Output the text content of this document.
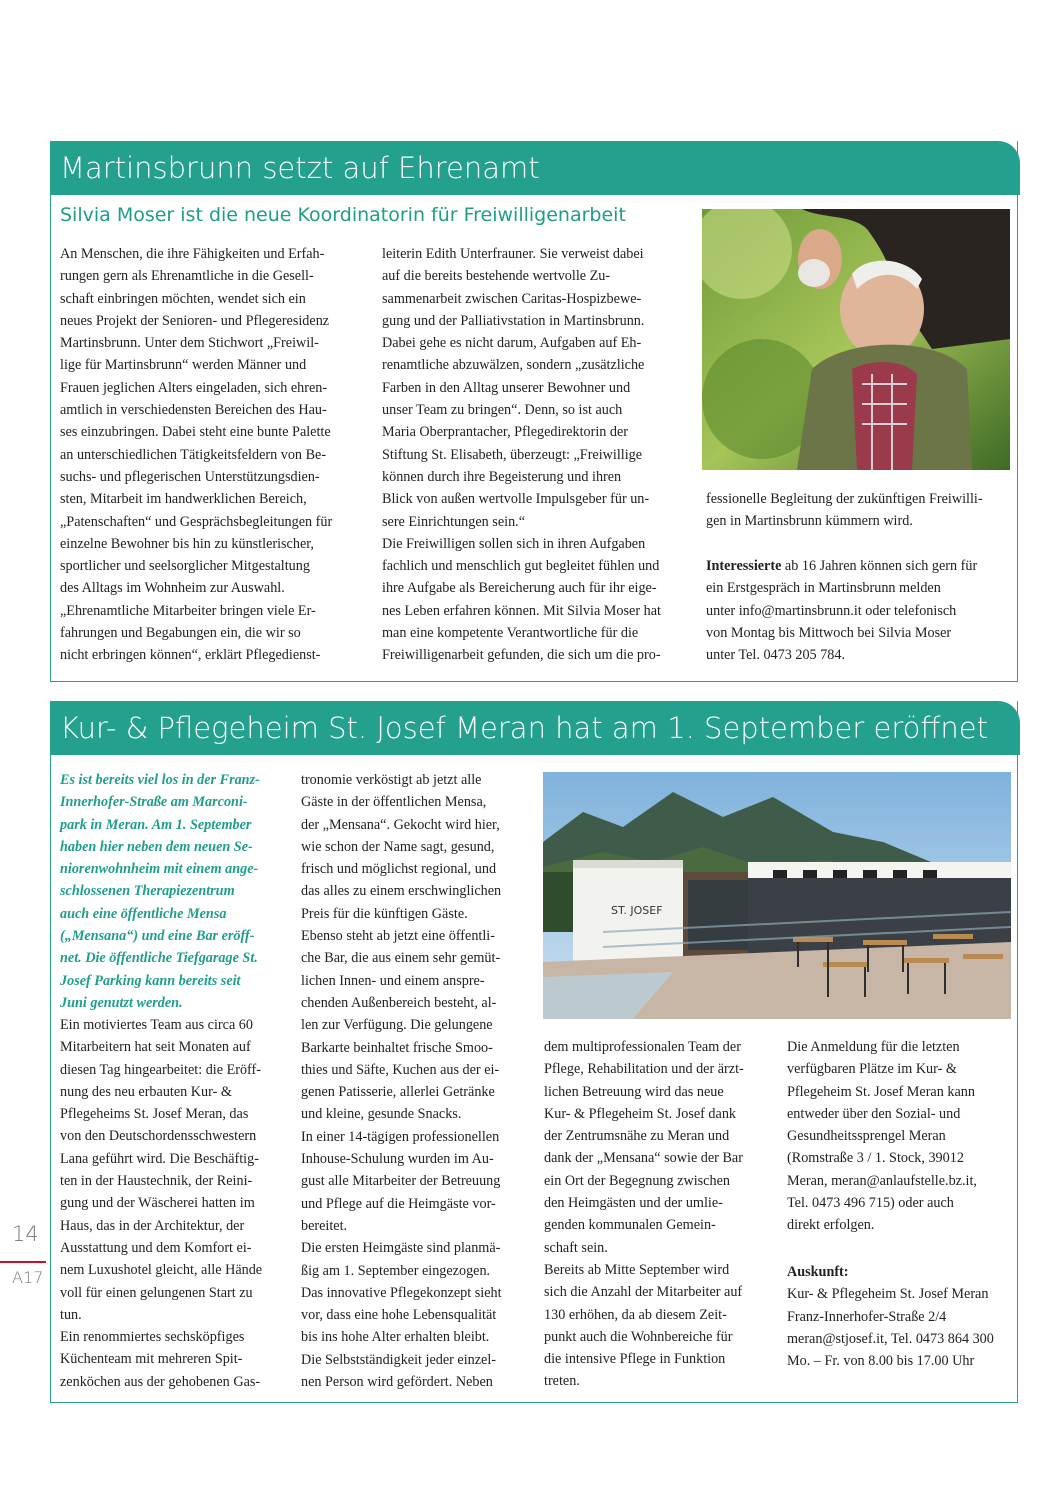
Martinsbrunn setzt auf Ehrenamt
Silvia Moser ist die neue Koordinatorin für Freiwilligenarbeit

An Menschen, die ihre Fähigkeiten und Erfah-

rungen gern als Ehrenamtliche in die Gesell-

schaft einbringen möchten, wendet sich ein

neues Projekt der Senioren- und Pflegeresidenz

Martinsbrunn. Unter dem Stichwort „Freiwil-

lige für Martinsbrunn“ werden Männer und

Frauen jeglichen Alters eingeladen, sich ehren-

amtlich in verschiedensten Bereichen des Hau-

ses einzubringen. Dabei steht eine bunte Palette

an unterschiedlichen Tätigkeitsfeldern von Be-

suchs- und pflegerischen Unterstützungsdien-

sten, Mitarbeit im handwerklichen Bereich,

„Patenschaften“ und Gesprächsbegleitungen für

einzelne Bewohner bis hin zu künstlerischer,

sportlicher und seelsorglicher Mitgestaltung

des Alltags im Wohnheim zur Auswahl.

„Ehrenamtliche Mitarbeiter bringen viele Er-

fahrungen und Begabungen ein, die wir so

nicht erbringen können“, erklärt Pflegedienst-

leiterin Edith Unterfrauner. Sie verweist dabei

auf die bereits bestehende wertvolle Zu-

sammenarbeit zwischen Caritas-Hospizbewe-

gung und der Palliativstation in Martinsbrunn.

Dabei gehe es nicht darum, Aufgaben auf Eh-

renamtliche abzuwälzen, sondern „zusätzliche

Farben in den Alltag unserer Bewohner und

unser Team zu bringen“. Denn, so ist auch

Maria Oberprantacher, Pflegedirektorin der

Stiftung St. Elisabeth, überzeugt: „Freiwillige

können durch ihre Begeisterung und ihren

Blick von außen wertvolle Impulsgeber für un-

sere Einrichtungen sein.“

Die Freiwilligen sollen sich in ihren Aufgaben

fachlich und menschlich gut begleitet fühlen und

ihre Aufgabe als Bereicherung auch für ihr eige-

nes Leben erfahren können. Mit Silvia Moser hat

man eine kompetente Verantwortliche für die

Freiwilligenarbeit gefunden, die sich um die pro-

fessionelle Begleitung der zukünftigen Freiwilli-

gen in Martinsbrunn kümmern wird.

Interessierte ab 16 Jahren können sich gern für

ein Erstgespräch in Martinsbrunn melden

unter info@martinsbrunn.it oder telefonisch

von Montag bis Mittwoch bei Silvia Moser

unter Tel. 0473 205 784.

Kur- & Pflegeheim St. Josef Meran hat am 1. September eröffnet

Es ist bereits viel los in der Franz-

Innerhofer-Straße am Marconi-

park in Meran. Am 1. September

haben hier neben dem neuen Se-

niorenwohnheim mit einem ange-

schlossenen Therapiezentrum

auch eine öffentliche Mensa

(„Mensana“) und eine Bar eröff-

net. Die öffentliche Tiefgarage St.

Josef Parking kann bereits seit

Juni genutzt werden.

Ein motiviertes Team aus circa 60

Mitarbeitern hat seit Monaten auf

diesen Tag hingearbeitet: die Eröff-

nung des neu erbauten Kur- &

Pflegeheims St. Josef Meran, das

von den Deutschordensschwestern

Lana geführt wird. Die Beschäftig-

ten in der Haustechnik, der Reini-

gung und der Wäscherei hatten im

Haus, das in der Architektur, der

Ausstattung und dem Komfort ei-

nem Luxushotel gleicht, alle Hände

voll für einen gelungenen Start zu

tun.

Ein renommiertes sechsköpfiges

Küchenteam mit mehreren Spit-

zenköchen aus der gehobenen Gas-

tronomie verköstigt ab jetzt alle

Gäste in der öffentlichen Mensa,

der „Mensana“. Gekocht wird hier,

wie schon der Name sagt, gesund,

frisch und möglichst regional, und

das alles zu einem erschwinglichen

Preis für die künftigen Gäste.

Ebenso steht ab jetzt eine öffentli-

che Bar, die aus einem sehr gemüt-

lichen Innen- und einem anspre-

chenden Außenbereich besteht, al-

len zur Verfügung. Die gelungene

Barkarte beinhaltet frische Smoo-

thies und Säfte, Kuchen aus der ei-

genen Patisserie, allerlei Getränke

und kleine, gesunde Snacks.

In einer 14-tägigen professionellen

Inhouse-Schulung wurden im Au-

gust alle Mitarbeiter der Betreuung

und Pflege auf die Heimgäste vor-

bereitet.

Die ersten Heimgäste sind planmä-

ßig am 1. September eingezogen.

Das innovative Pflegekonzept sieht

vor, dass eine hohe Lebensqualität

bis ins hohe Alter erhalten bleibt.

Die Selbstständigkeit jeder einzel-

nen Person wird gefördert. Neben

ST. JOSEF

dem multiprofessionalen Team der

Pflege, Rehabilitation und der ärzt-

lichen Betreuung wird das neue

Kur- & Pflegeheim St. Josef dank

der Zentrumsnähe zu Meran und

dank der „Mensana“ sowie der Bar

ein Ort der Begegnung zwischen

den Heimgästen und der umlie-

genden kommunalen Gemein-

schaft sein.

Bereits ab Mitte September wird

sich die Anzahl der Mitarbeiter auf

130 erhöhen, da ab diesem Zeit-

punkt auch die Wohnbereiche für

die intensive Pflege in Funktion

treten.

Die Anmeldung für die letzten

verfügbaren Plätze im Kur- &

Pflegeheim St. Josef Meran kann

entweder über den Sozial- und

Gesundheitssprengel Meran

(Romstraße 3 / 1. Stock, 39012

Meran, meran@anlaufstelle.bz.it,

Tel. 0473 496 715) oder auch

direkt erfolgen.

Auskunft:

Kur- & Pflegeheim St. Josef Meran

Franz-Innerhofer-Straße 2/4

meran@stjosef.it, Tel. 0473 864 300

Mo. – Fr. von 8.00 bis 17.00 Uhr

14
A17
